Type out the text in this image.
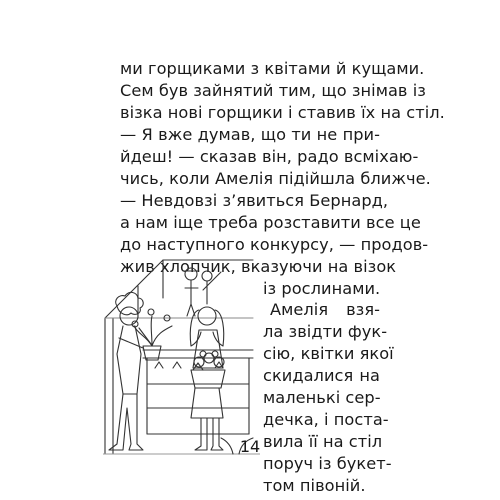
ми горщиками з квітами й кущами.
Сем був зайнятий тим, що знімав із
візка нові горщики і ставив їх на стіл.
— Я вже думав, що ти не при-
йдеш! — сказав він, радо всміхаю-
чись, коли Амелія підійшла ближче.
— Невдовзі з’явиться Бернард,
а нам іще треба розставити все це
до наступного конкурсу, — продов-
жив хлопчик, вказуючи на візок
із рослинами.
Амелія взя-
ла звідти фук-
сію, квітки якої
скидалися на
маленькі сер-
дечка, і поста-
вила її на стіл
поруч із букет-
том півоній.
14
